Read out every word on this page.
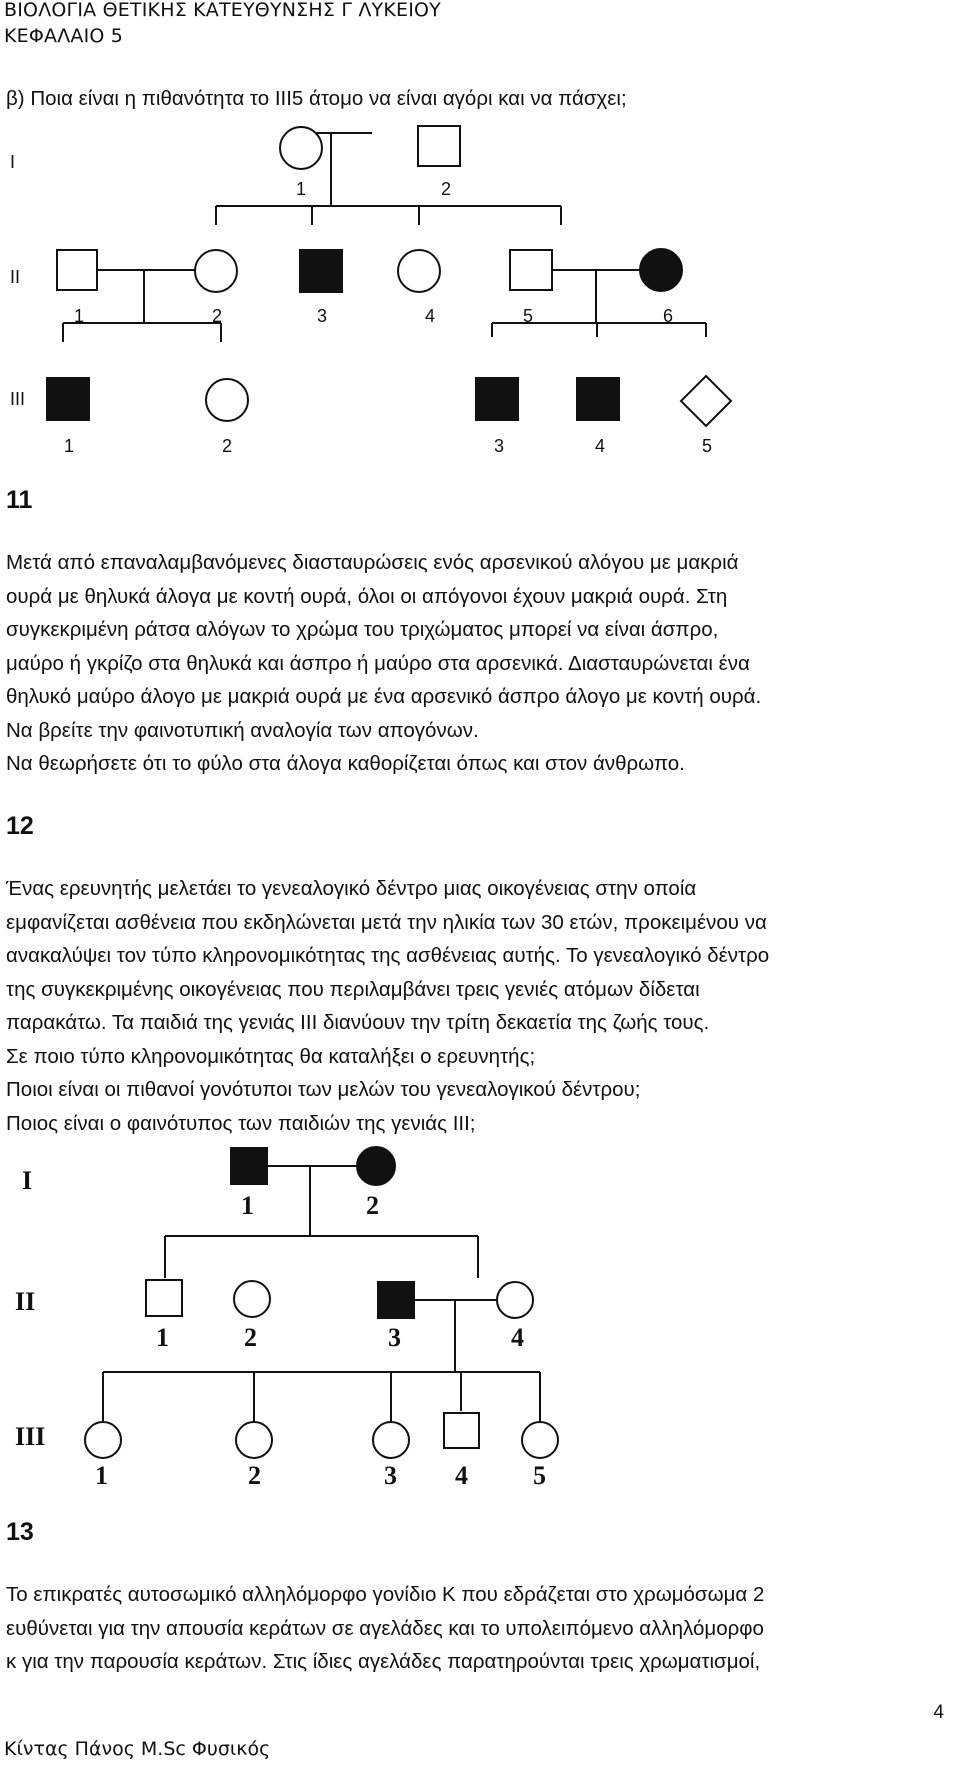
ΒΙΟΛΟΓΙΑ ΘΕΤΙΚΗΣ ΚΑΤΕΥΘΥΝΣΗΣ Γ ΛΥΚΕΙΟΥ
ΚΕΦΑΛΑΙΟ 5
β) Ποια είναι η πιθανότητα το ΙΙΙ5 άτομο να είναι αγόρι και να πάσχει;
I
II
III
1	2
1	2	3	4	5	6
1	2	3	4	5
11

Μετά από επαναλαμβανόμενες διασταυρώσεις ενός αρσενικού αλόγου με μακριά

ουρά με θηλυκά άλογα με κοντή ουρά, όλοι οι απόγονοι έχουν μακριά ουρά. Στη

συγκεκριμένη ράτσα αλόγων το χρώμα του τριχώματος μπορεί να είναι άσπρο,

μαύρο ή γκρίζο στα θηλυκά και άσπρο ή μαύρο στα αρσενικά. Διασταυρώνεται ένα

θηλυκό μαύρο άλογο με μακριά ουρά με ένα αρσενικό άσπρο άλογο με κοντή ουρά.

Να βρείτε την φαινοτυπική αναλογία των απογόνων.

Να θεωρήσετε ότι το φύλο στα άλογα καθορίζεται όπως και στον άνθρωπο.

12

Ένας ερευνητής μελετάει το γενεαλογικό δέντρο μιας οικογένειας στην οποία

εμφανίζεται ασθένεια που εκδηλώνεται μετά την ηλικία των 30 ετών, προκειμένου να

ανακαλύψει τον τύπο κληρονομικότητας της ασθένειας αυτής. Το γενεαλογικό δέντρο

της συγκεκριμένης οικογένειας που περιλαμβάνει τρεις γενιές ατόμων δίδεται

παρακάτω. Τα παιδιά της γενιάς ΙΙΙ διανύουν την τρίτη δεκαετία της ζωής τους.

Σε ποιο τύπο κληρονομικότητας θα καταλήξει ο ερευνητής;

Ποιοι είναι οι πιθανοί γονότυποι των μελών του γενεαλογικού δέντρου;

Ποιος είναι ο φαινότυπος των παιδιών της γενιάς ΙΙΙ;

I
II
III
1	2
1	2	3	4
1	2	3 4	5
13

Το επικρατές αυτοσωμικό αλληλόμορφο γονίδιο Κ που εδράζεται στο χρωμόσωμα 2

ευθύνεται για την απουσία κεράτων σε αγελάδες και το υπολειπόμενο αλληλόμορφο

κ για την παρουσία κεράτων. Στις ίδιες αγελάδες παρατηρούνται τρεις χρωματισμοί,

4
Κίντας Πάνος M.Sc Φυσικός
